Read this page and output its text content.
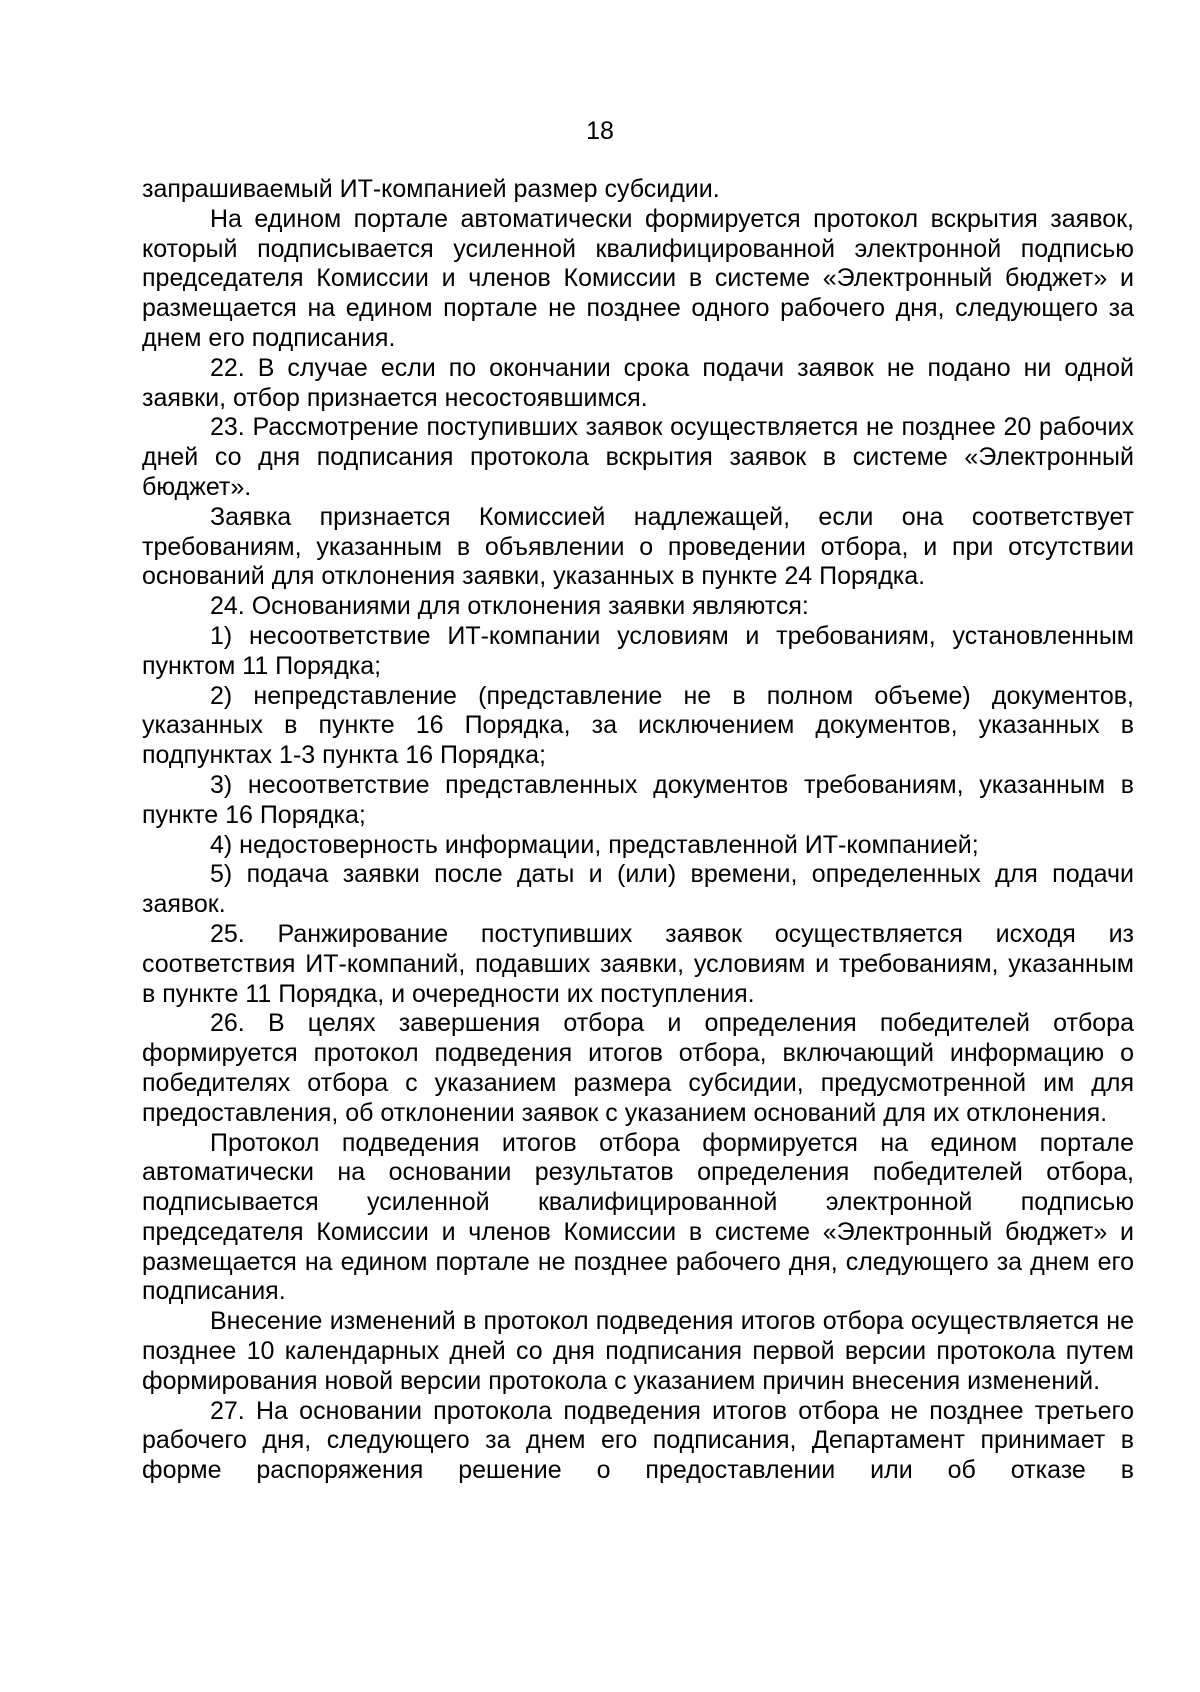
18

запрашиваемый ИТ-компанией размер субсидии.

На едином портале автоматически формируется протокол вскрытия заявок, который подписывается усиленной квалифицированной электронной подписью председателя Комиссии и членов Комиссии в системе «Электронный бюджет» и размещается на едином портале не позднее одного рабочего дня, следующего за днем его подписания.

22. В случае если по окончании срока подачи заявок не подано ни одной заявки, отбор признается несостоявшимся.

23. Рассмотрение поступивших заявок осуществляется не позднее 20 рабочих дней со дня подписания протокола вскрытия заявок в системе «Электронный бюджет».

Заявка признается Комиссией надлежащей, если она соответствует требованиям, указанным в объявлении о проведении отбора, и при отсутствии оснований для отклонения заявки, указанных в пункте 24 Порядка.

24. Основаниями для отклонения заявки являются:

1) несоответствие ИТ-компании условиям и требованиям, установленным пунктом 11 Порядка;

2) непредставление (представление не в полном объеме) документов, указанных в пункте 16 Порядка, за исключением документов, указанных в подпунктах 1-3 пункта 16 Порядка;

3) несоответствие представленных документов требованиям, указанным в пункте 16 Порядка;

4) недостоверность информации, представленной ИТ-компанией;

5) подача заявки после даты и (или) времени, определенных для подачи заявок.

25. Ранжирование поступивших заявок осуществляется исходя из соответствия ИТ-компаний, подавших заявки, условиям и требованиям, указанным в пункте 11 Порядка, и очередности их поступления.

26. В целях завершения отбора и определения победителей отбора формируется протокол подведения итогов отбора, включающий информацию о победителях отбора с указанием размера субсидии, предусмотренной им для предоставления, об отклонении заявок с указанием оснований для их отклонения.

Протокол подведения итогов отбора формируется на едином портале автоматически на основании результатов определения победителей отбора, подписывается усиленной квалифицированной электронной подписью председателя Комиссии и членов Комиссии в системе «Электронный бюджет» и размещается на едином портале не позднее рабочего дня, следующего за днем его подписания.

Внесение изменений в протокол подведения итогов отбора осуществляется не позднее 10 календарных дней со дня подписания первой версии протокола путем формирования новой версии протокола с указанием причин внесения изменений.

27. На основании протокола подведения итогов отбора не позднее третьего рабочего дня, следующего за днем его подписания, Департамент принимает в форме распоряжения решение о предоставлении или об отказе в
